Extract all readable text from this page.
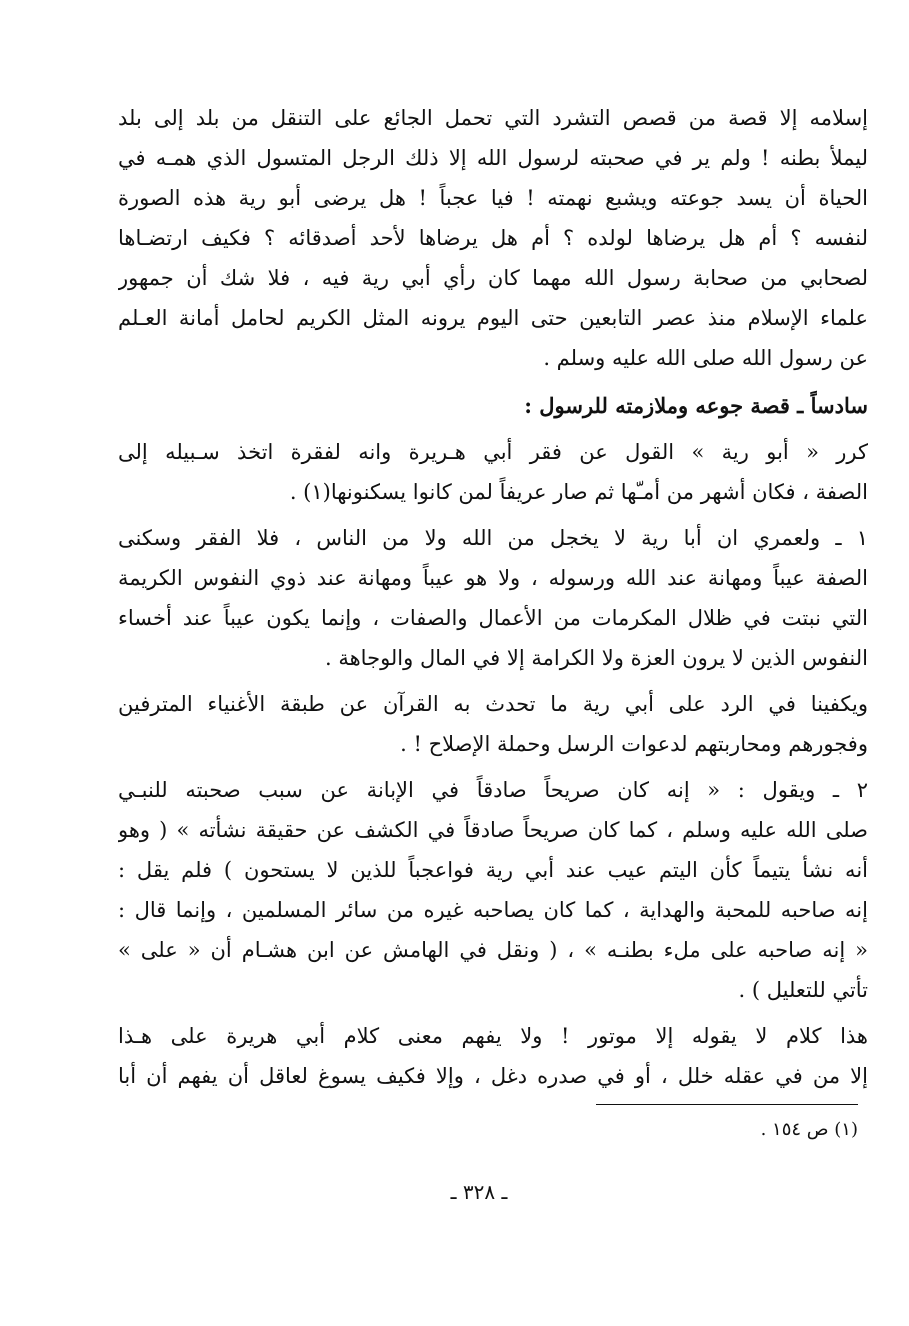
إسلامه إلا قصة من قصص التشرد التي تحمل الجائع على التنقل من بلد إلى بلد
ليملأ بطنه ! ولم ير في صحبته لرسول الله إلا ذلك الرجل المتسول الذي همـه في
الحياة أن يسد جوعته ويشبع نهمته ! فيا عجباً ! هل يرضى أبو رية هذه الصورة
لنفسه ؟ أم هل يرضاها لولده ؟ أم هل يرضاها لأحد أصدقائه ؟ فكيف ارتضـاها
لصحابي من صحابة رسول الله مهما كان رأي أبي رية فيه ، فلا شك أن جمهور
علماء الإسلام منذ عصر التابعين حتى اليوم يرونه المثل الكريم لحامل أمانة العـلم
عن رسول الله صلى الله عليه وسلم .
سادساً ـ قصة جوعه وملازمته للرسول :
كرر « أبو رية » القول عن فقر أبي هـريرة وانه لفقرة اتخذ سـبيله إلى
الصفة ، فكان أشهر من أمـّها ثم صار عريفاً لمن كانوا يسكنونها(١) .
١ ـ ولعمري ان أبا رية لا يخجل من الله ولا من الناس ، فلا الفقر وسكنى
الصفة عيباً ومهانة عند الله ورسوله ، ولا هو عيباً ومهانة عند ذوي النفوس الكريمة
التي نبتت في ظلال المكرمات من الأعمال والصفات ، وإنما يكون عيباً عند أخساء
النفوس الذين لا يرون العزة ولا الكرامة إلا في المال والوجاهة .
ويكفينا في الرد على أبي رية ما تحدث به القرآن عن طبقة الأغنياء المترفين
وفجورهم ومحاربتهم لدعوات الرسل وحملة الإصلاح ! .
٢ ـ ويقول : « إنه كان صريحاً صادقاً في الإبانة عن سبب صحبته للنبـي
صلى الله عليه وسلم ، كما كان صريحاً صادقاً في الكشف عن حقيقة نشأته » ( وهو
أنه نشأ يتيماً كأن اليتم عيب عند أبي رية فواعجباً للذين لا يستحون ) فلم يقل :
إنه صاحبه للمحبة والهداية ، كما كان يصاحبه غيره من سائر المسلمين ، وإنما قال :
« إنه صاحبه على ملء بطنـه » ، ( ونقل في الهامش عن ابن هشـام أن « على »
تأتي للتعليل ) .
هذا كلام لا يقوله إلا موتور ! ولا يفهم معنى كلام أبي هريرة على هـذا
إلا من في عقله خلل ، أو في صدره دغل ، وإلا فكيف يسوغ لعاقل أن يفهم أن أبا
(١) ص ١٥٤ .
ـ ٣٢٨ ـ
